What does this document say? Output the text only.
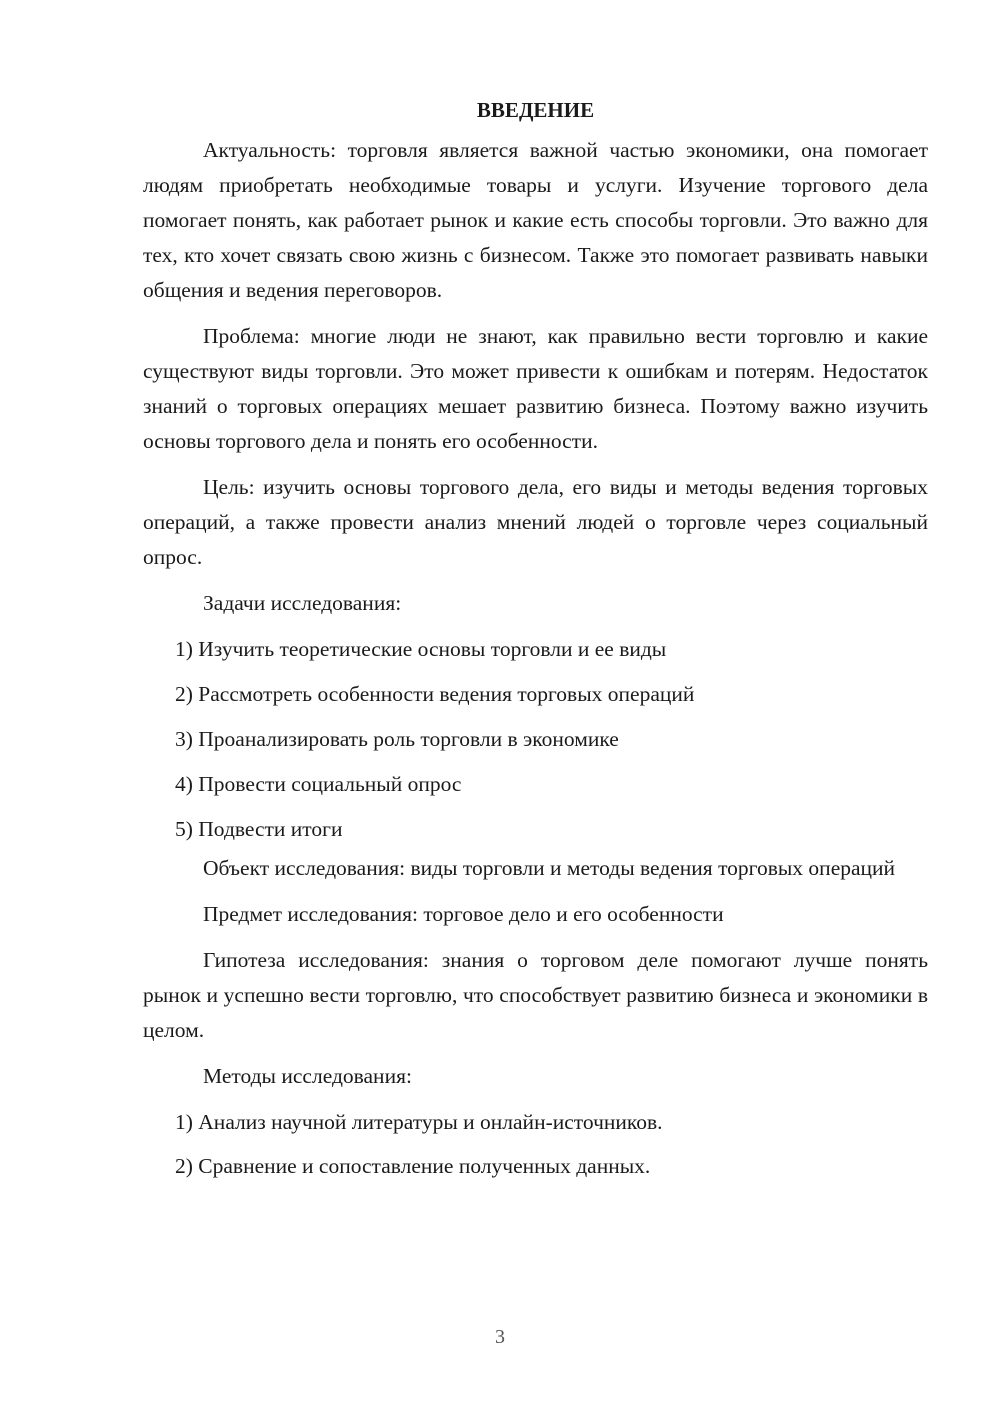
ВВЕДЕНИЕ

Актуальность: торговля является важной частью экономики, она помогает людям приобретать необходимые товары и услуги. Изучение торгового дела помогает понять, как работает рынок и какие есть способы торговли. Это важно для тех, кто хочет связать свою жизнь с бизнесом. Также это помогает развивать навыки общения и ведения переговоров.

Проблема: многие люди не знают, как правильно вести торговлю и какие существуют виды торговли. Это может привести к ошибкам и потерям. Недостаток знаний о торговых операциях мешает развитию бизнеса. Поэтому важно изучить основы торгового дела и понять его особенности.

Цель: изучить основы торгового дела, его виды и методы ведения торговых операций, а также провести анализ мнений людей о торговле через социальный опрос.

Задачи исследования:

1) Изучить теоретические основы торговли и ее виды
2) Рассмотреть особенности ведения торговых операций
3) Проанализировать роль торговли в экономике
4) Провести социальный опрос
5) Подвести итоги

Объект исследования: виды торговли и методы ведения торговых операций

Предмет исследования: торговое дело и его особенности

Гипотеза исследования: знания о торговом деле помогают лучше понять рынок и успешно вести торговлю, что способствует развитию бизнеса и экономики в целом.

Методы исследования:

1) Анализ научной литературы и онлайн-источников.
2) Сравнение и сопоставление полученных данных.
3
